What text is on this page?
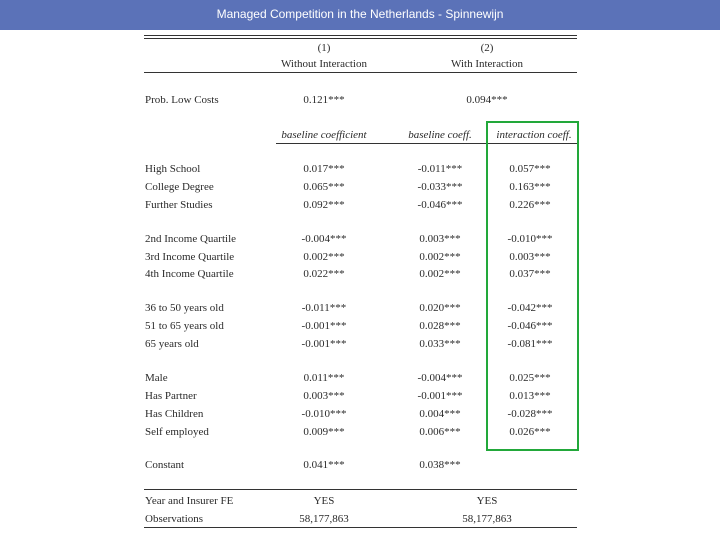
Managed Competition in the Netherlands - Spinnewijn
(1)
Without Interaction
(2)
With Interaction
Prob. Low Costs	0.121***	0.094***
baseline coefficient	baseline coeff.	interaction coeff.
High School	0.017***	-0.011***	0.057***
College Degree	0.065***	-0.033***	0.163***
Further Studies	0.092***	-0.046***	0.226***
2nd Income Quartile	-0.004***	0.003***	-0.010***
3rd Income Quartile	0.002***	0.002***	0.003***
4th Income Quartile	0.022***	0.002***	0.037***
36 to 50 years old	-0.011***	0.020***	-0.042***
51 to 65 years old	-0.001***	0.028***	-0.046***
65 years old	-0.001***	0.033***	-0.081***
Male	0.011***	-0.004***	0.025***
Has Partner	0.003***	-0.001***	0.013***
Has Children	-0.010***	0.004***	-0.028***
Self employed	0.009***	0.006***	0.026***
Constant	0.041***	0.038***
Year and Insurer FE	YES	YES
Observations	58,177,863	58,177,863
